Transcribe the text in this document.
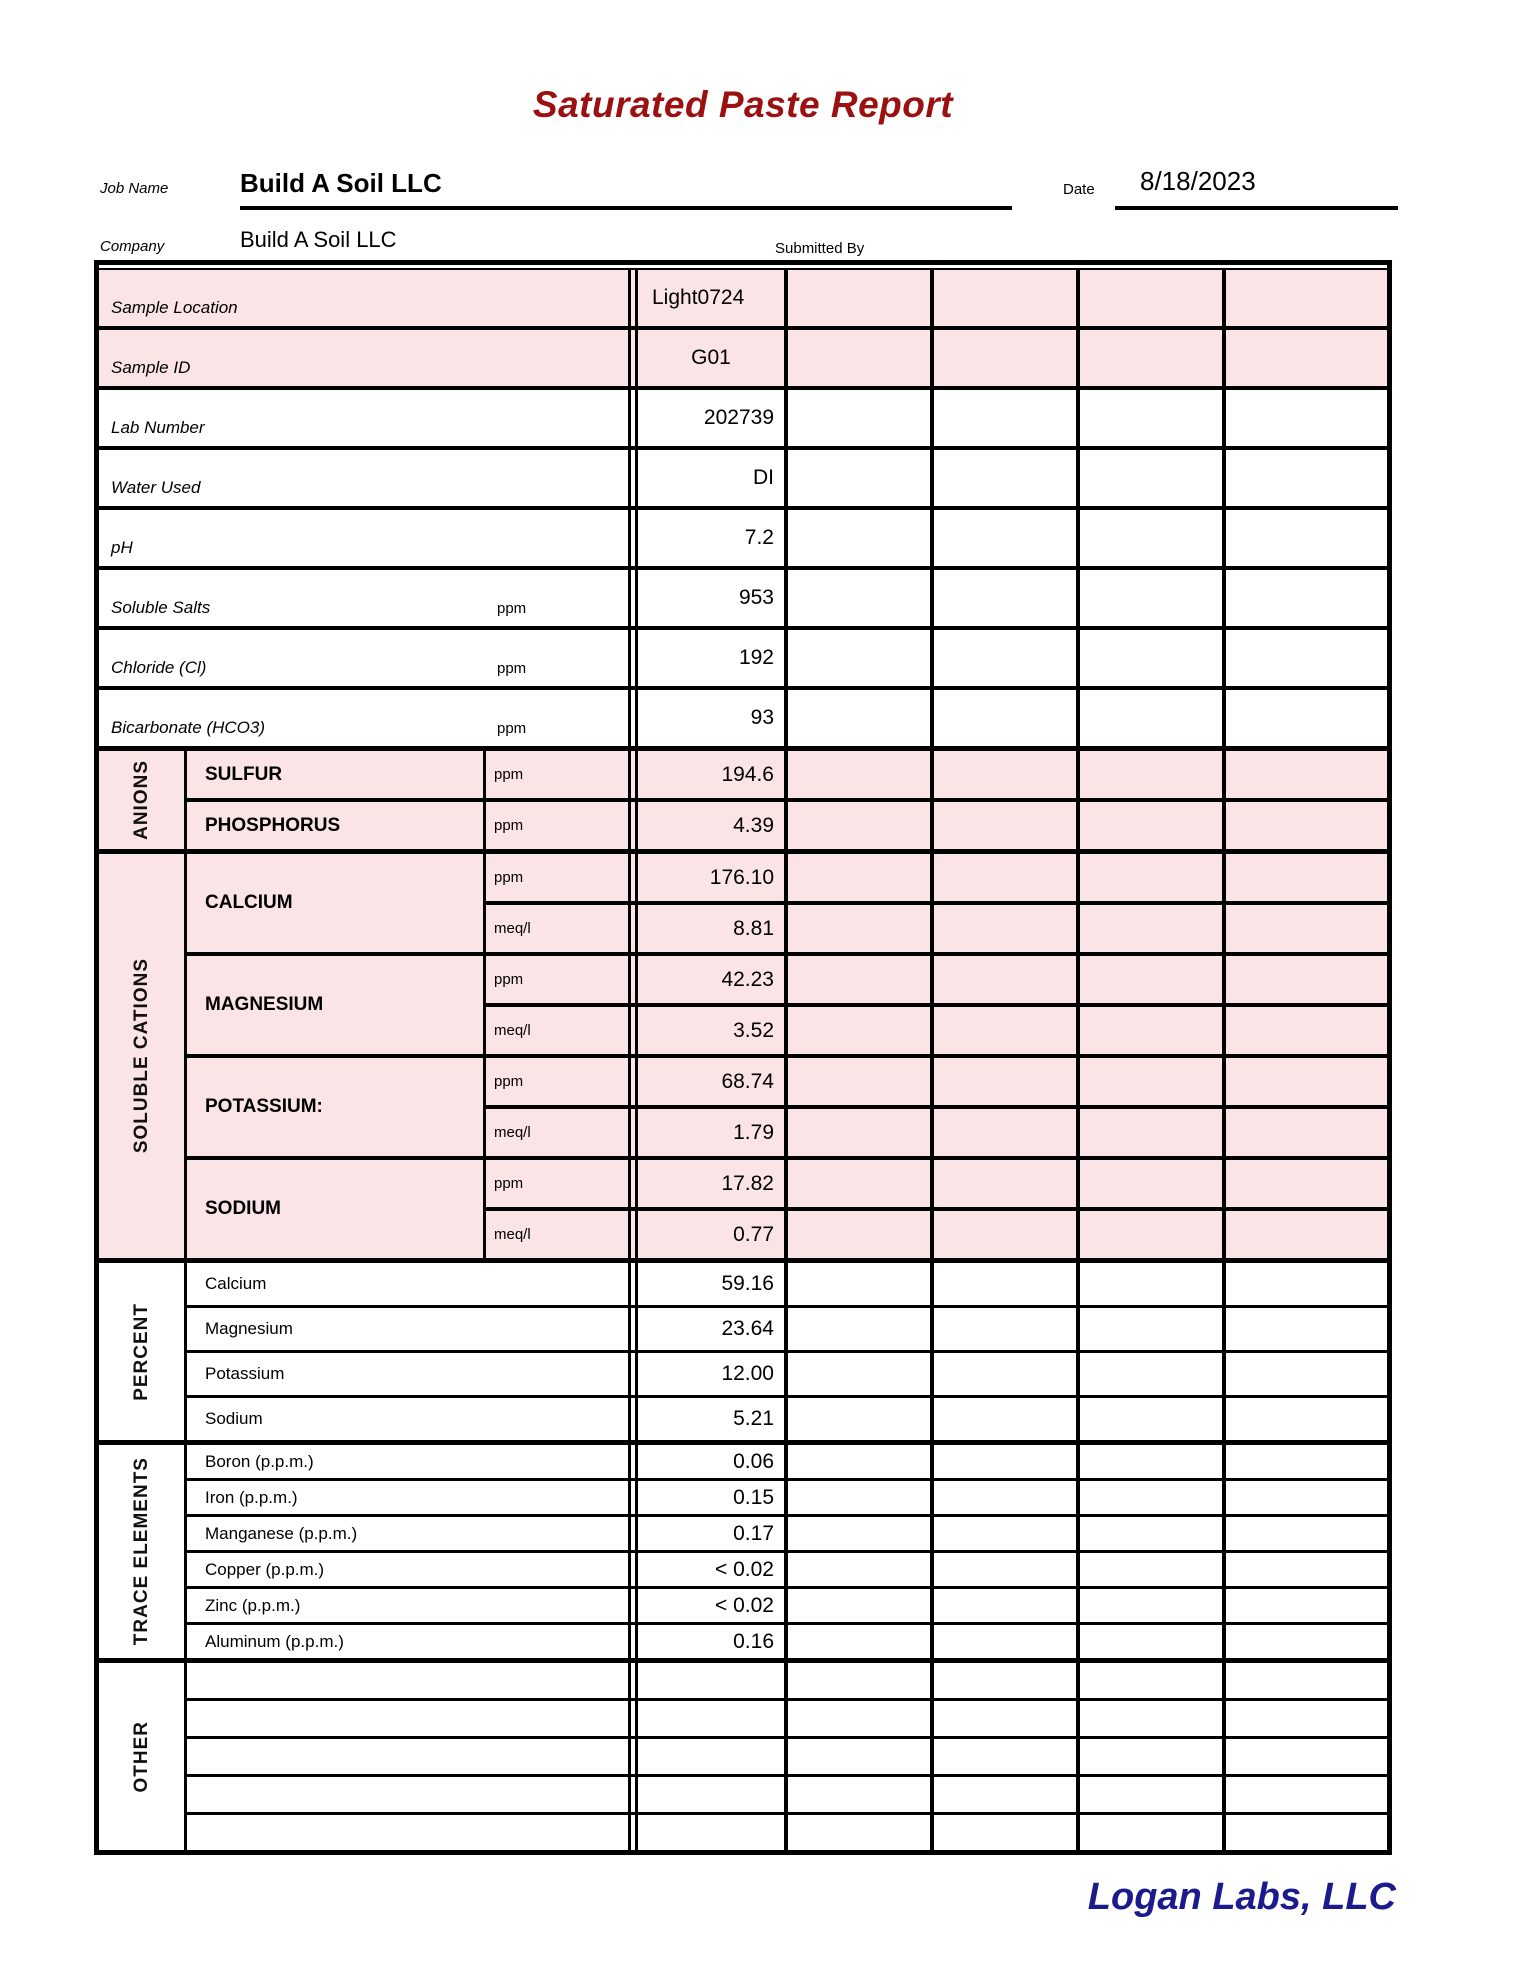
Saturated Paste Report
Job Name	Build A Soil LLC	Date 8/18/2023
Company	Build A Soil LLC	Submitted By
Sample Location	Light0724
Sample ID	G01
Lab Number	202739
Water Used	DI
pH	7.2
Soluble Salts	ppm	953
Chloride (Cl)	ppm	192
Bicarbonate (HCO3)	ppm	93
ANIONS	SULFUR	ppm	194.6
PHOSPHORUS	ppm	4.39
SOLUBLE CATIONS
CALCIUM
ppm	176.10
meq/l	8.81
MAGNESIUM
ppm	42.23
meq/l	3.52
POTASSIUM:
ppm	68.74
meq/l	1.79
SODIUM
ppm	17.82
meq/l	0.77
PERCENT
Calcium	59.16
Magnesium	23.64
Potassium	12.00
Sodium	5.21
TRACE ELEMENTS	Boron (p.p.m.)	0.06
Iron (p.p.m.)	0.15
Manganese (p.p.m.)	0.17
Copper (p.p.m.)	< 0.02
Zinc (p.p.m.)	< 0.02
Aluminum (p.p.m.)	0.16
OTHER
Logan Labs, LLC
